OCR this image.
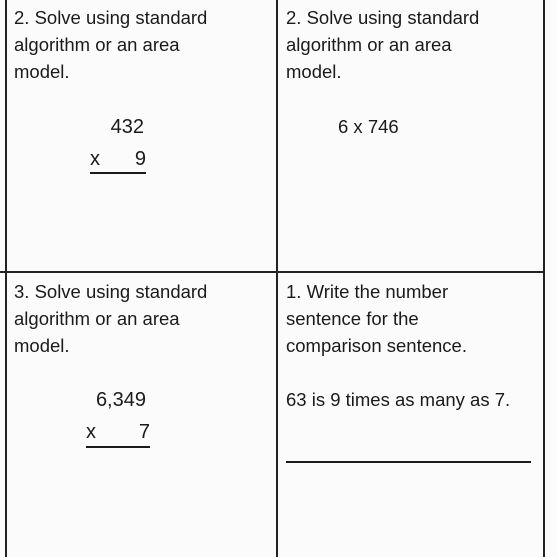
2. Solve using standard
algorithm or an area
model.
432
x 9
2. Solve using standard
algorithm or an area
model.
6 x 746
3. Solve using standard
algorithm or an area
model.
6,349
x 7
1. Write the number
sentence for the
comparison sentence.
63 is 9 times as many as 7.
